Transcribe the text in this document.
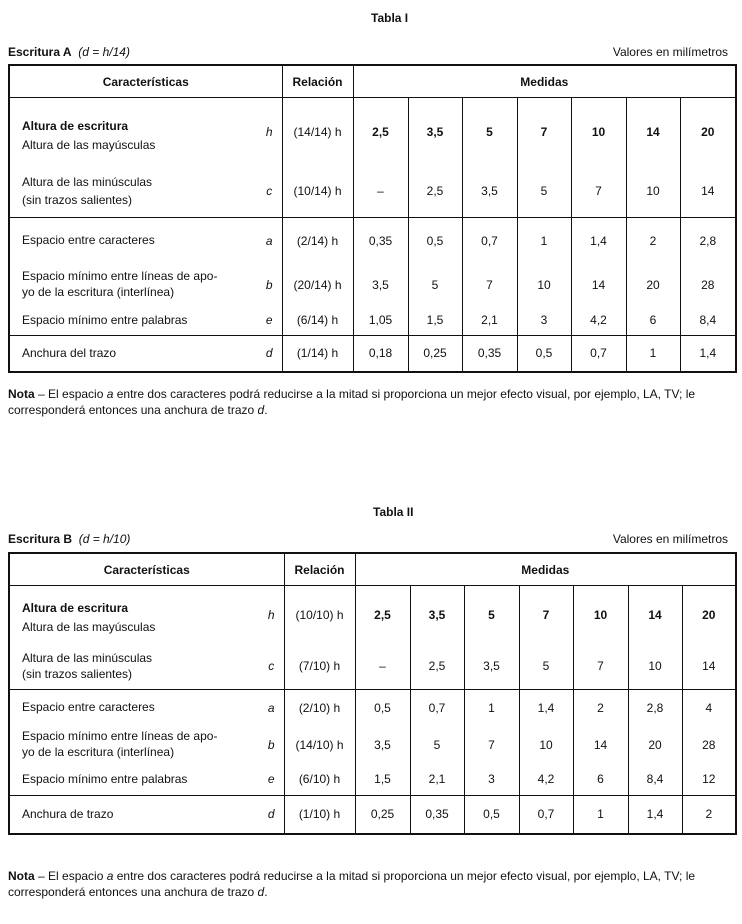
Tabla I
Escritura A (d = h/14)	Valores en milímetros
Características		Relación	Medidas						

Altura de escritura
Altura de las mayúsculas	h	(14/14) h	2,5	3,5	5	7	10	14	20

Altura de las minúsculas
(sin trazos salientes)	c	(10/14) h	–	2,5	3,5	5	7	10	14
Espacio entre caracteres	a	(2/14) h	0,35	0,5	0,7	1	1,4	2	2,8

Espacio mínimo entre líneas de apo-
yo de la escritura (interlínea)	b	(20/14) h	3,5	5	7	10	14	20	28
Espacio mínimo entre palabras	e	(6/14) h	1,05	1,5	2,1	3	4,2	6	8,4
Anchura del trazo	d	(1/14) h	0,18	0,25	0,35	0,5	0,7	1	1,4
Nota – El espacio a entre dos caracteres podrá reducirse a la mitad si proporciona un mejor efecto visual, por ejemplo, LA, TV; le corresponderá entonces una anchura de trazo d.
Tabla II
Escritura B (d = h/10)	Valores en milímetros
Características		Relación	Medidas						

Altura de escritura
Altura de las mayúsculas	h	(10/10) h	2,5	3,5	5	7	10	14	20

Altura de las minúsculas
(sin trazos salientes)	c	(7/10) h	–	2,5	3,5	5	7	10	14
Espacio entre caracteres	a	(2/10) h	0,5	0,7	1	1,4	2	2,8	4

Espacio mínimo entre líneas de apo-
yo de la escritura (interlínea)	b	(14/10) h	3,5	5	7	10	14	20	28
Espacio mínimo entre palabras	e	(6/10) h	1,5	2,1	3	4,2	6	8,4	12
Anchura de trazo	d	(1/10) h	0,25	0,35	0,5	0,7	1	1,4	2
Nota – El espacio a entre dos caracteres podrá reducirse a la mitad si proporciona un mejor efecto visual, por ejemplo, LA, TV; le corresponderá entonces una anchura de trazo d.
